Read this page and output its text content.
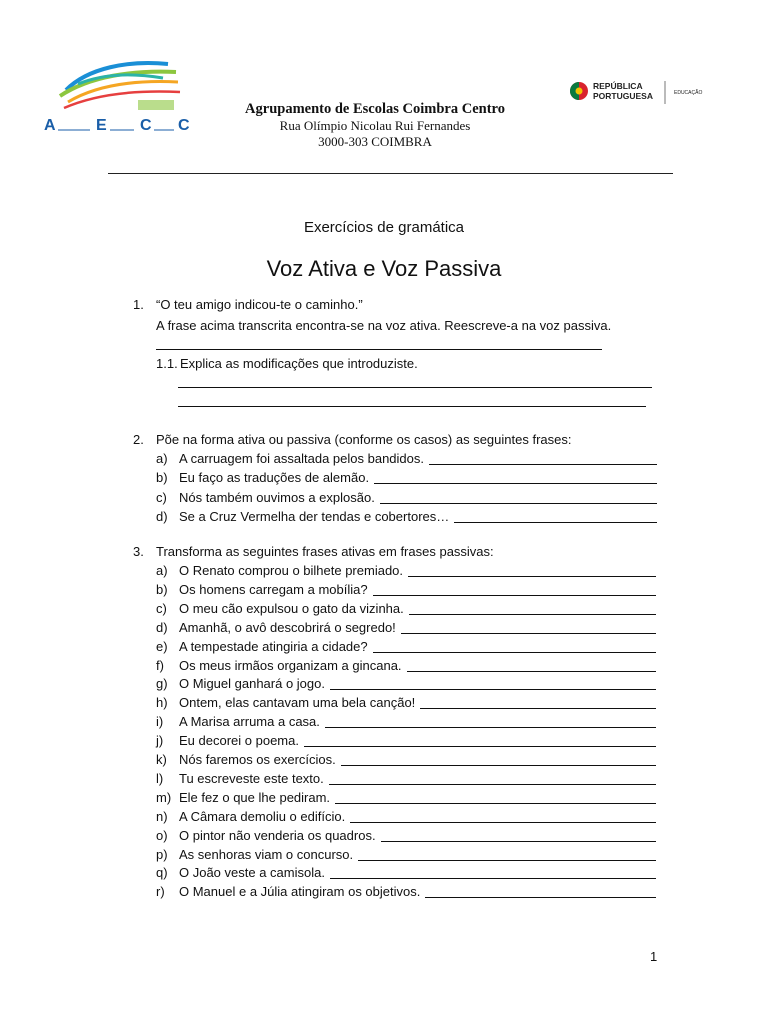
A	E C C
Agrupamento de Escolas Coimbra Centro
Rua Olímpio Nicolau Rui Fernandes
3000-303 COIMBRA
REPÚBLICA
PORTUGUESA	EDUCAÇÃO
Exercícios de gramática
Voz Ativa e Voz Passiva
1. “O teu amigo indicou-te o caminho.”
A frase acima transcrita encontra-se na voz ativa. Reescreve-a na voz passiva.
1.1. Explica as modificações que introduziste.
2. Põe na forma ativa ou passiva (conforme os casos) as seguintes frases:
a) A carruagem foi assaltada pelos bandidos.
b) Eu faço as traduções de alemão.
c) Nós também ouvimos a explosão.
d) Se a Cruz Vermelha der tendas e cobertores…
3. Transforma as seguintes frases ativas em frases passivas:
a) O Renato comprou o bilhete premiado.
b) Os homens carregam a mobília?
c) O meu cão expulsou o gato da vizinha.
d) Amanhã, o avô descobrirá o segredo!
e) A tempestade atingiria a cidade?
f) Os meus irmãos organizam a gincana.
g) O Miguel ganhará o jogo.
h) Ontem, elas cantavam uma bela canção!
i) A Marisa arruma a casa.
j) Eu decorei o poema.
k) Nós faremos os exercícios.
l) Tu escreveste este texto.
m) Ele fez o que lhe pediram.
n) A Câmara demoliu o edifício.
o) O pintor não venderia os quadros.
p) As senhoras viam o concurso.
q) O João veste a camisola.
r) O Manuel e a Júlia atingiram os objetivos.
1
